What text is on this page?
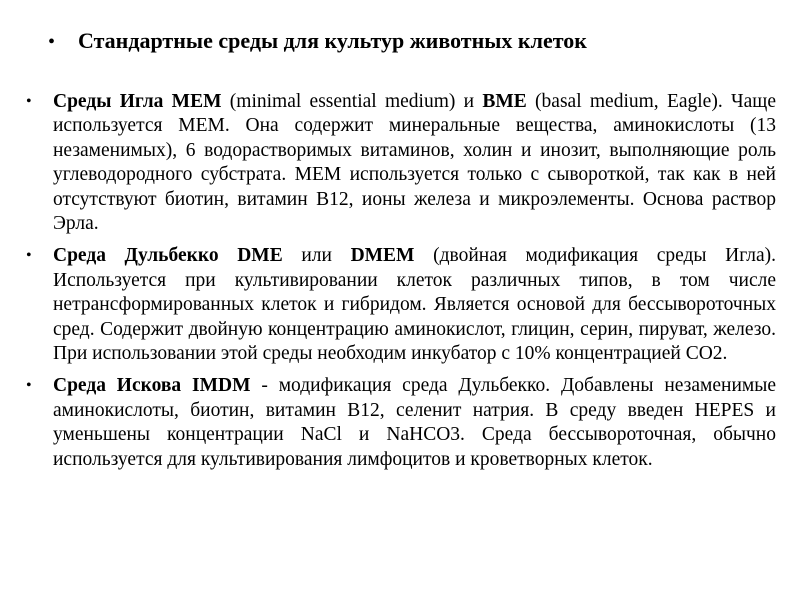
•	Стандартные среды для культур животных клеток
•	Среды Игла MEM (minimal essential medium) и BME (basal medium, Eagle). Чаще используется MEM. Она содержит минеральные вещества, аминокислоты (13 незаменимых), 6 водорастворимых витаминов, холин и инозит, выполняющие роль углеводородного субстрата. MEM используется только с сывороткой, так как в ней отсутствуют биотин, витамин B12, ионы железа и микроэлементы. Основа раствор Эрла.
•	Среда Дульбекко DME или DMEM (двойная модификация среды Игла). Используется при культивировании клеток различных типов, в том числе нетрансформированных клеток и гибридом. Является основой для бессывороточных сред. Содержит двойную концентрацию аминокислот, глицин, серин, пируват, железо. При использовании этой среды необходим инкубатор с 10% концентрацией CO2.
•	Среда Искова IMDM - модификация среда Дульбекко. Добавлены незаменимые аминокислоты, биотин, витамин B12, селенит натрия. В среду введен HEPES и уменьшены концентрации NaCl и NaHCO3. Среда бессывороточная, обычно используется для культивирования лимфоцитов и кроветворных клеток.
